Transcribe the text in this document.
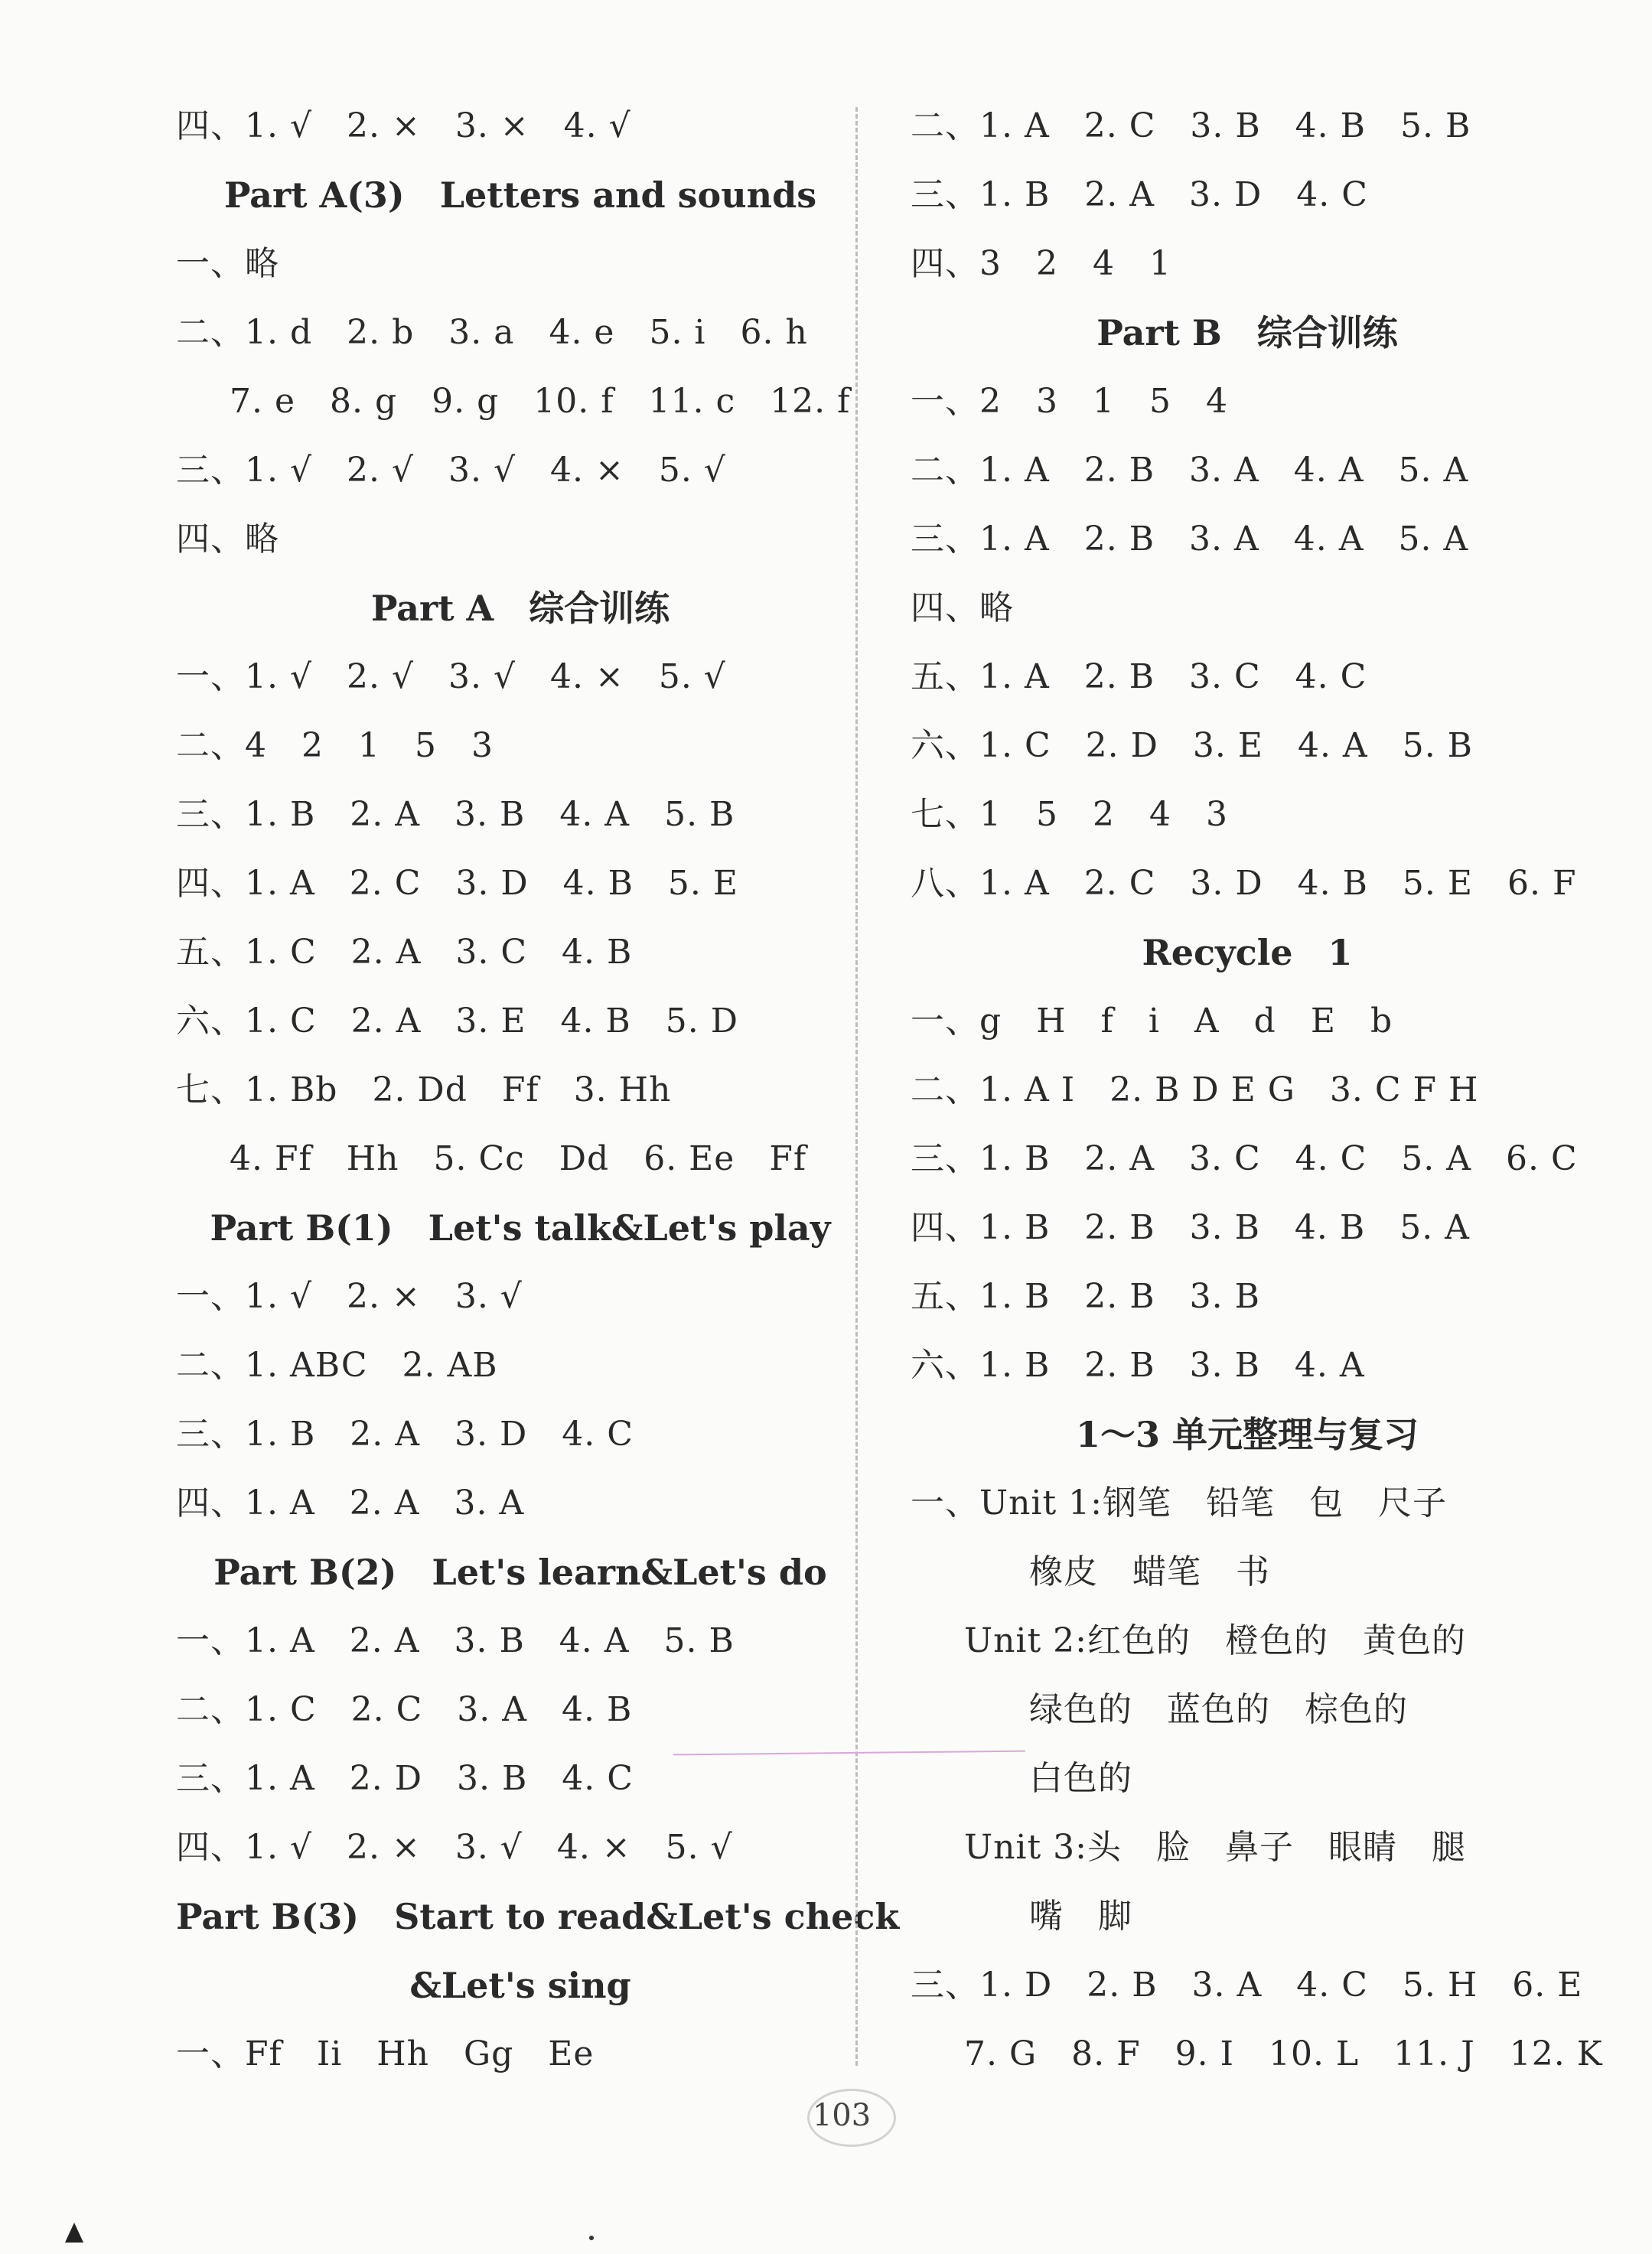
四、1. √　2. ×　3. ×　4. √
Part A(3)　Letters and sounds
一、略
二、1. d　2. b　3. a　4. e　5. i　6. h
7. e　8. g　9. g　10. f　11. c　12. f
三、1. √　2. √　3. √　4. ×　5. √
四、略
Part A　综合训练
一、1. √　2. √　3. √　4. ×　5. √
二、4　2　1　5　3
三、1. B　2. A　3. B　4. A　5. B
四、1. A　2. C　3. D　4. B　5. E
五、1. C　2. A　3. C　4. B
六、1. C　2. A　3. E　4. B　5. D
七、1. Bb　2. Dd　Ff　3. Hh
4. Ff　Hh　5. Cc　Dd　6. Ee　Ff
Part B(1)　Let's talk&Let's play
一、1. √　2. ×　3. √
二、1. ABC　2. AB
三、1. B　2. A　3. D　4. C
四、1. A　2. A　3. A
Part B(2)　Let's learn&Let's do
一、1. A　2. A　3. B　4. A　5. B
二、1. C　2. C　3. A　4. B
三、1. A　2. D　3. B　4. C
四、1. √　2. ×　3. √　4. ×　5. √
Part B(3)　Start to read&Let's check
&Let's sing
一、Ff　Ii　Hh　Gg　Ee
二、1. A　2. C　3. B　4. B　5. B
三、1. B　2. A　3. D　4. C
四、3　2　4　1
Part B　综合训练
一、2　3　1　5　4
二、1. A　2. B　3. A　4. A　5. A
三、1. A　2. B　3. A　4. A　5. A
四、略
五、1. A　2. B　3. C　4. C
六、1. C　2. D　3. E　4. A　5. B
七、1　5　2　4　3
八、1. A　2. C　3. D　4. B　5. E　6. F
Recycle　1
一、g　H　f　i　A　d　E　b
二、1. A I　2. B D E G　3. C F H
三、1. B　2. A　3. C　4. C　5. A　6. C
四、1. B　2. B　3. B　4. B　5. A
五、1. B　2. B　3. B
六、1. B　2. B　3. B　4. A
1～3 单元整理与复习
一、Unit 1:钢笔　铅笔　包　尺子
橡皮　蜡笔　书
Unit 2:红色的　橙色的　黄色的
绿色的　蓝色的　棕色的
白色的
Unit 3:头　脸　鼻子　眼睛　腿
嘴　脚
三、1. D　2. B　3. A　4. C　5. H　6. E
7. G　8. F　9. I　10. L　11. J　12. K
103
